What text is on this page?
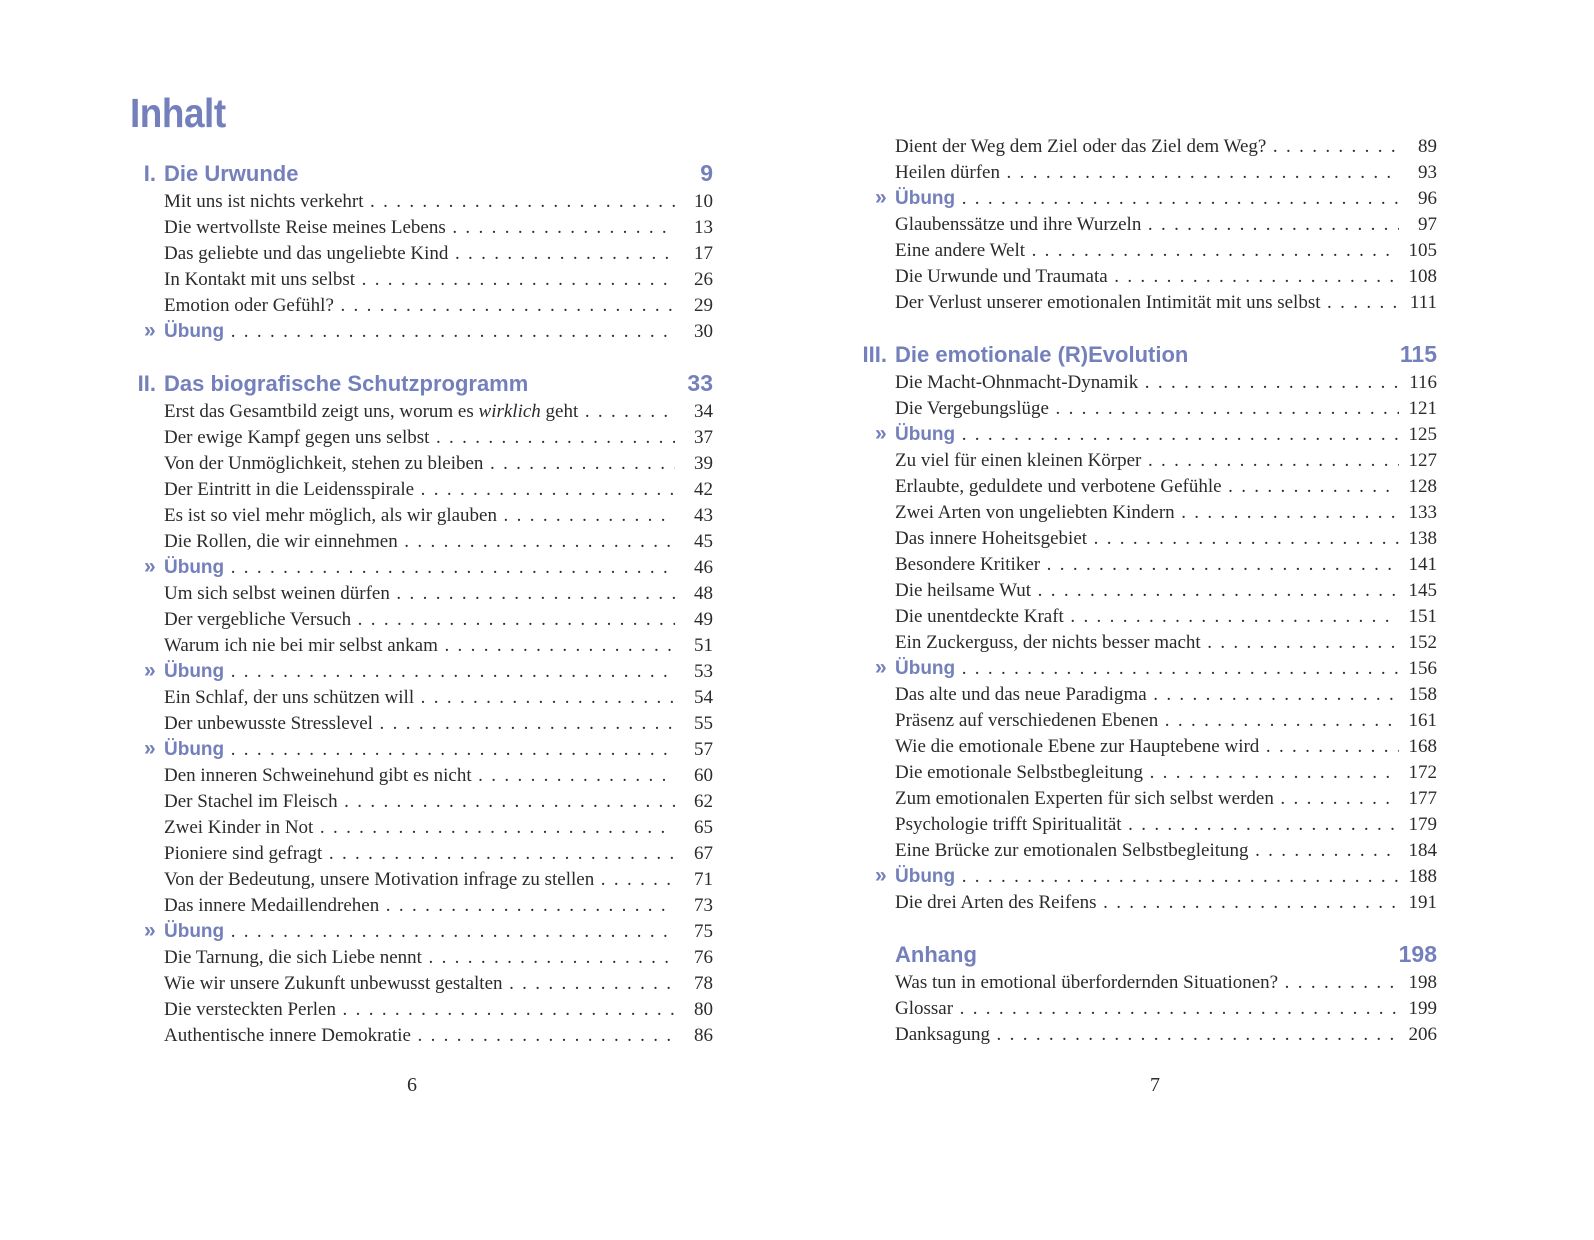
Inhalt
I. Die Urwunde	9
Mit uns ist nichts verkehrt . . .	10
Die wertvollste Reise meines Lebens . . .	13
Das geliebte und das ungeliebte Kind . . .	17
In Kontakt mit uns selbst . . .	26
Emotion oder Gefühl? . . .	29
» Übung . . .	30
II. Das biografische Schutzprogramm	33
Erst das Gesamtbild zeigt uns, worum es wirklich geht . . .	34
Der ewige Kampf gegen uns selbst . . .	37
Von der Unmöglichkeit, stehen zu bleiben . . .	39
Der Eintritt in die Leidensspirale . . .	42
Es ist so viel mehr möglich, als wir glauben . . .	43
Die Rollen, die wir einnehmen . . .	45
» Übung . . .	46
Um sich selbst weinen dürfen . . .	48
Der vergebliche Versuch . . .	49
Warum ich nie bei mir selbst ankam . . .	51
» Übung . . .	53
Ein Schlaf, der uns schützen will . . .	54
Der unbewusste Stresslevel . . .	55
» Übung . . .	57
Den inneren Schweinehund gibt es nicht . . .	60
Der Stachel im Fleisch . . .	62
Zwei Kinder in Not . . .	65
Pioniere sind gefragt . . .	67
Von der Bedeutung, unsere Motivation infrage zu stellen . . .	71
Das innere Medaillendrehen . . .	73
» Übung . . .	75
Die Tarnung, die sich Liebe nennt . . .	76
Wie wir unsere Zukunft unbewusst gestalten . . .	78
Die versteckten Perlen . . .	80
Authentische innere Demokratie . . .	86
6
Dient der Weg dem Ziel oder das Ziel dem Weg? . . .	89
Heilen dürfen . . .	93
» Übung . . .	96
Glaubenssätze und ihre Wurzeln . . .	97
Eine andere Welt . . .	105
Die Urwunde und Traumata . . .	108
Der Verlust unserer emotionalen Intimität mit uns selbst . . .	111
III. Die emotionale (R)Evolution	115
Die Macht-Ohnmacht-Dynamik . . .	116
Die Vergebungslüge . . .	121
» Übung . . .	125
Zu viel für einen kleinen Körper . . .	127
Erlaubte, geduldete und verbotene Gefühle . . .	128
Zwei Arten von ungeliebten Kindern . . .	133
Das innere Hoheitsgebiet . . .	138
Besondere Kritiker . . .	141
Die heilsame Wut . . .	145
Die unentdeckte Kraft . . .	151
Ein Zuckerguss, der nichts besser macht . . .	152
» Übung . . .	156
Das alte und das neue Paradigma . . .	158
Präsenz auf verschiedenen Ebenen . . .	161
Wie die emotionale Ebene zur Hauptebene wird . . .	168
Die emotionale Selbstbegleitung . . .	172
Zum emotionalen Experten für sich selbst werden . . .	177
Psychologie trifft Spiritualität . . .	179
Eine Brücke zur emotionalen Selbstbegleitung . . .	184
» Übung . . .	188
Die drei Arten des Reifens . . .	191
Anhang	198
Was tun in emotional überfordernden Situationen? . . .	198
Glossar . . .	199
Danksagung . . .	206
7
